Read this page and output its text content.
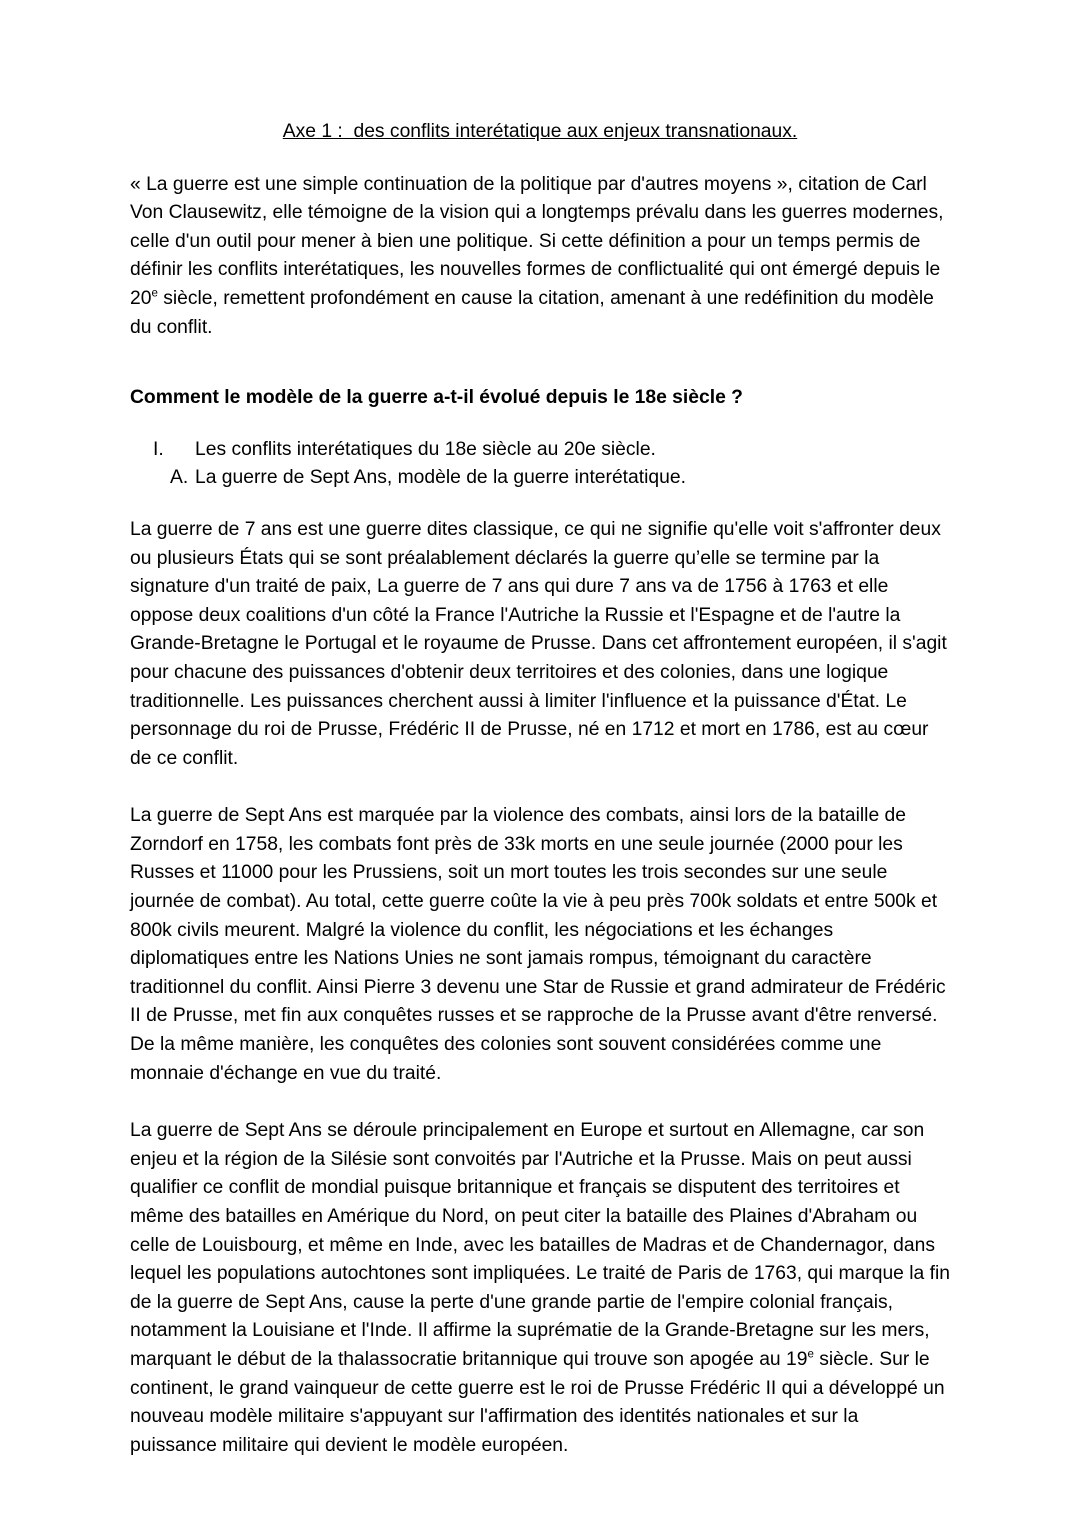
Axe 1 :  des conflits interétatique aux enjeux transnationaux.

« La guerre est une simple continuation de la politique par d'autres moyens », citation de Carl Von Clausewitz, elle témoigne de la vision qui a longtemps prévalu dans les guerres modernes, celle d'un outil pour mener à bien une politique. Si cette définition a pour un temps permis de définir les conflits interétatiques, les nouvelles formes de conflictualité qui ont émergé depuis le 20e siècle, remettent profondément en cause la citation, amenant à une redéfinition du modèle du conflit.

Comment le modèle de la guerre a-t-il évolué depuis le 18e siècle ?

I. Les conflits interétatiques du 18e siècle au 20e siècle.
A. La guerre de Sept Ans, modèle de la guerre interétatique.

La guerre de 7 ans est une guerre dites classique, ce qui ne signifie qu'elle voit s'affronter deux ou plusieurs États qui se sont préalablement déclarés la guerre qu’elle se termine par la signature d'un traité de paix, La guerre de 7 ans qui dure 7 ans va de 1756 à 1763 et elle oppose deux coalitions d'un côté la France l'Autriche la Russie et l'Espagne et de l'autre la Grande-Bretagne le Portugal et le royaume de Prusse. Dans cet affrontement européen, il s'agit pour chacune des puissances d'obtenir deux territoires et des colonies, dans une logique traditionnelle. Les puissances cherchent aussi à limiter l'influence et la puissance d'État. Le personnage du roi de Prusse, Frédéric II de Prusse, né en 1712 et mort en 1786, est au cœur de ce conflit.

La guerre de Sept Ans est marquée par la violence des combats, ainsi lors de la bataille de Zorndorf en 1758, les combats font près de 33k morts en une seule journée (2000 pour les Russes et 11000 pour les Prussiens, soit un mort toutes les trois secondes sur une seule journée de combat). Au total, cette guerre coûte la vie à peu près 700k soldats et entre 500k et 800k civils meurent. Malgré la violence du conflit, les négociations et les échanges diplomatiques entre les Nations Unies ne sont jamais rompus, témoignant du caractère traditionnel du conflit. Ainsi Pierre 3 devenu une Star de Russie et grand admirateur de Frédéric II de Prusse, met fin aux conquêtes russes et se rapproche de la Prusse avant d'être renversé. De la même manière, les conquêtes des colonies sont souvent considérées comme une monnaie d'échange en vue du traité.

La guerre de Sept Ans se déroule principalement en Europe et surtout en Allemagne, car son enjeu et la région de la Silésie sont convoités par l'Autriche et la Prusse. Mais on peut aussi qualifier ce conflit de mondial puisque britannique et français se disputent des territoires et même des batailles en Amérique du Nord, on peut citer la bataille des Plaines d'Abraham ou celle de Louisbourg, et même en Inde, avec les batailles de Madras et de Chandernagor, dans lequel les populations autochtones sont impliquées. Le traité de Paris de 1763, qui marque la fin de la guerre de Sept Ans, cause la perte d'une grande partie de l'empire colonial français, notamment la Louisiane et l'Inde. Il affirme la suprématie de la Grande-Bretagne sur les mers, marquant le début de la thalassocratie britannique qui trouve son apogée au 19e siècle. Sur le continent, le grand vainqueur de cette guerre est le roi de Prusse Frédéric II qui a développé un nouveau modèle militaire s'appuyant sur l'affirmation des identités nationales et sur la puissance militaire qui devient le modèle européen.
